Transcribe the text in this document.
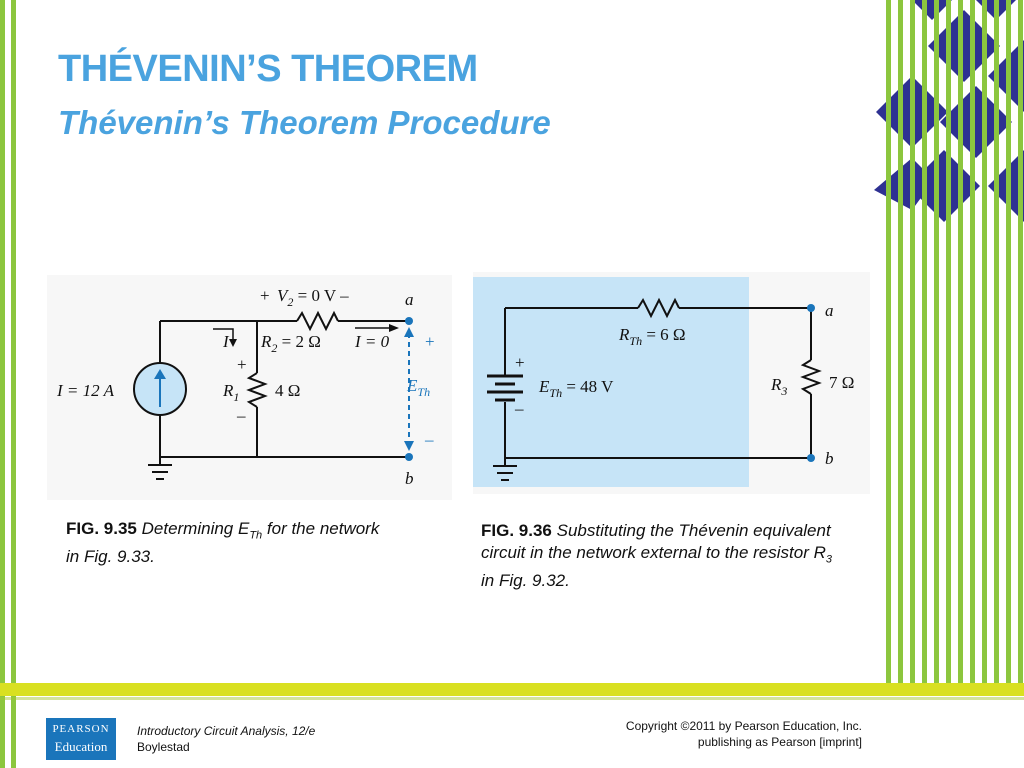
THÉVENIN’S THEOREM
Thévenin’s Theorem Procedure
+ $V_2 = 0$ V –	a
b
I $R_2 = 2$ Ω I = 0 +
$E_{Th}$
–
I = 12 A
+
$R_1$
–
4 Ω
FIG. 9.35 Determining $E_{Th}$ for the network in Fig. 9.33.
$R_{Th} = 6$ Ω
a
b
+
–
$E_{Th} = 48$ V	$R_3$ 7 Ω
FIG. 9.36 Substituting the Thévenin equivalent circuit in the network external to the resistor $R_3$ in Fig. 9.32.
PEARSON
Education
Introductory Circuit Analysis, 12/e
Boylestad
Copyright ©2011 by Pearson Education, Inc.
publishing as Pearson [imprint]
